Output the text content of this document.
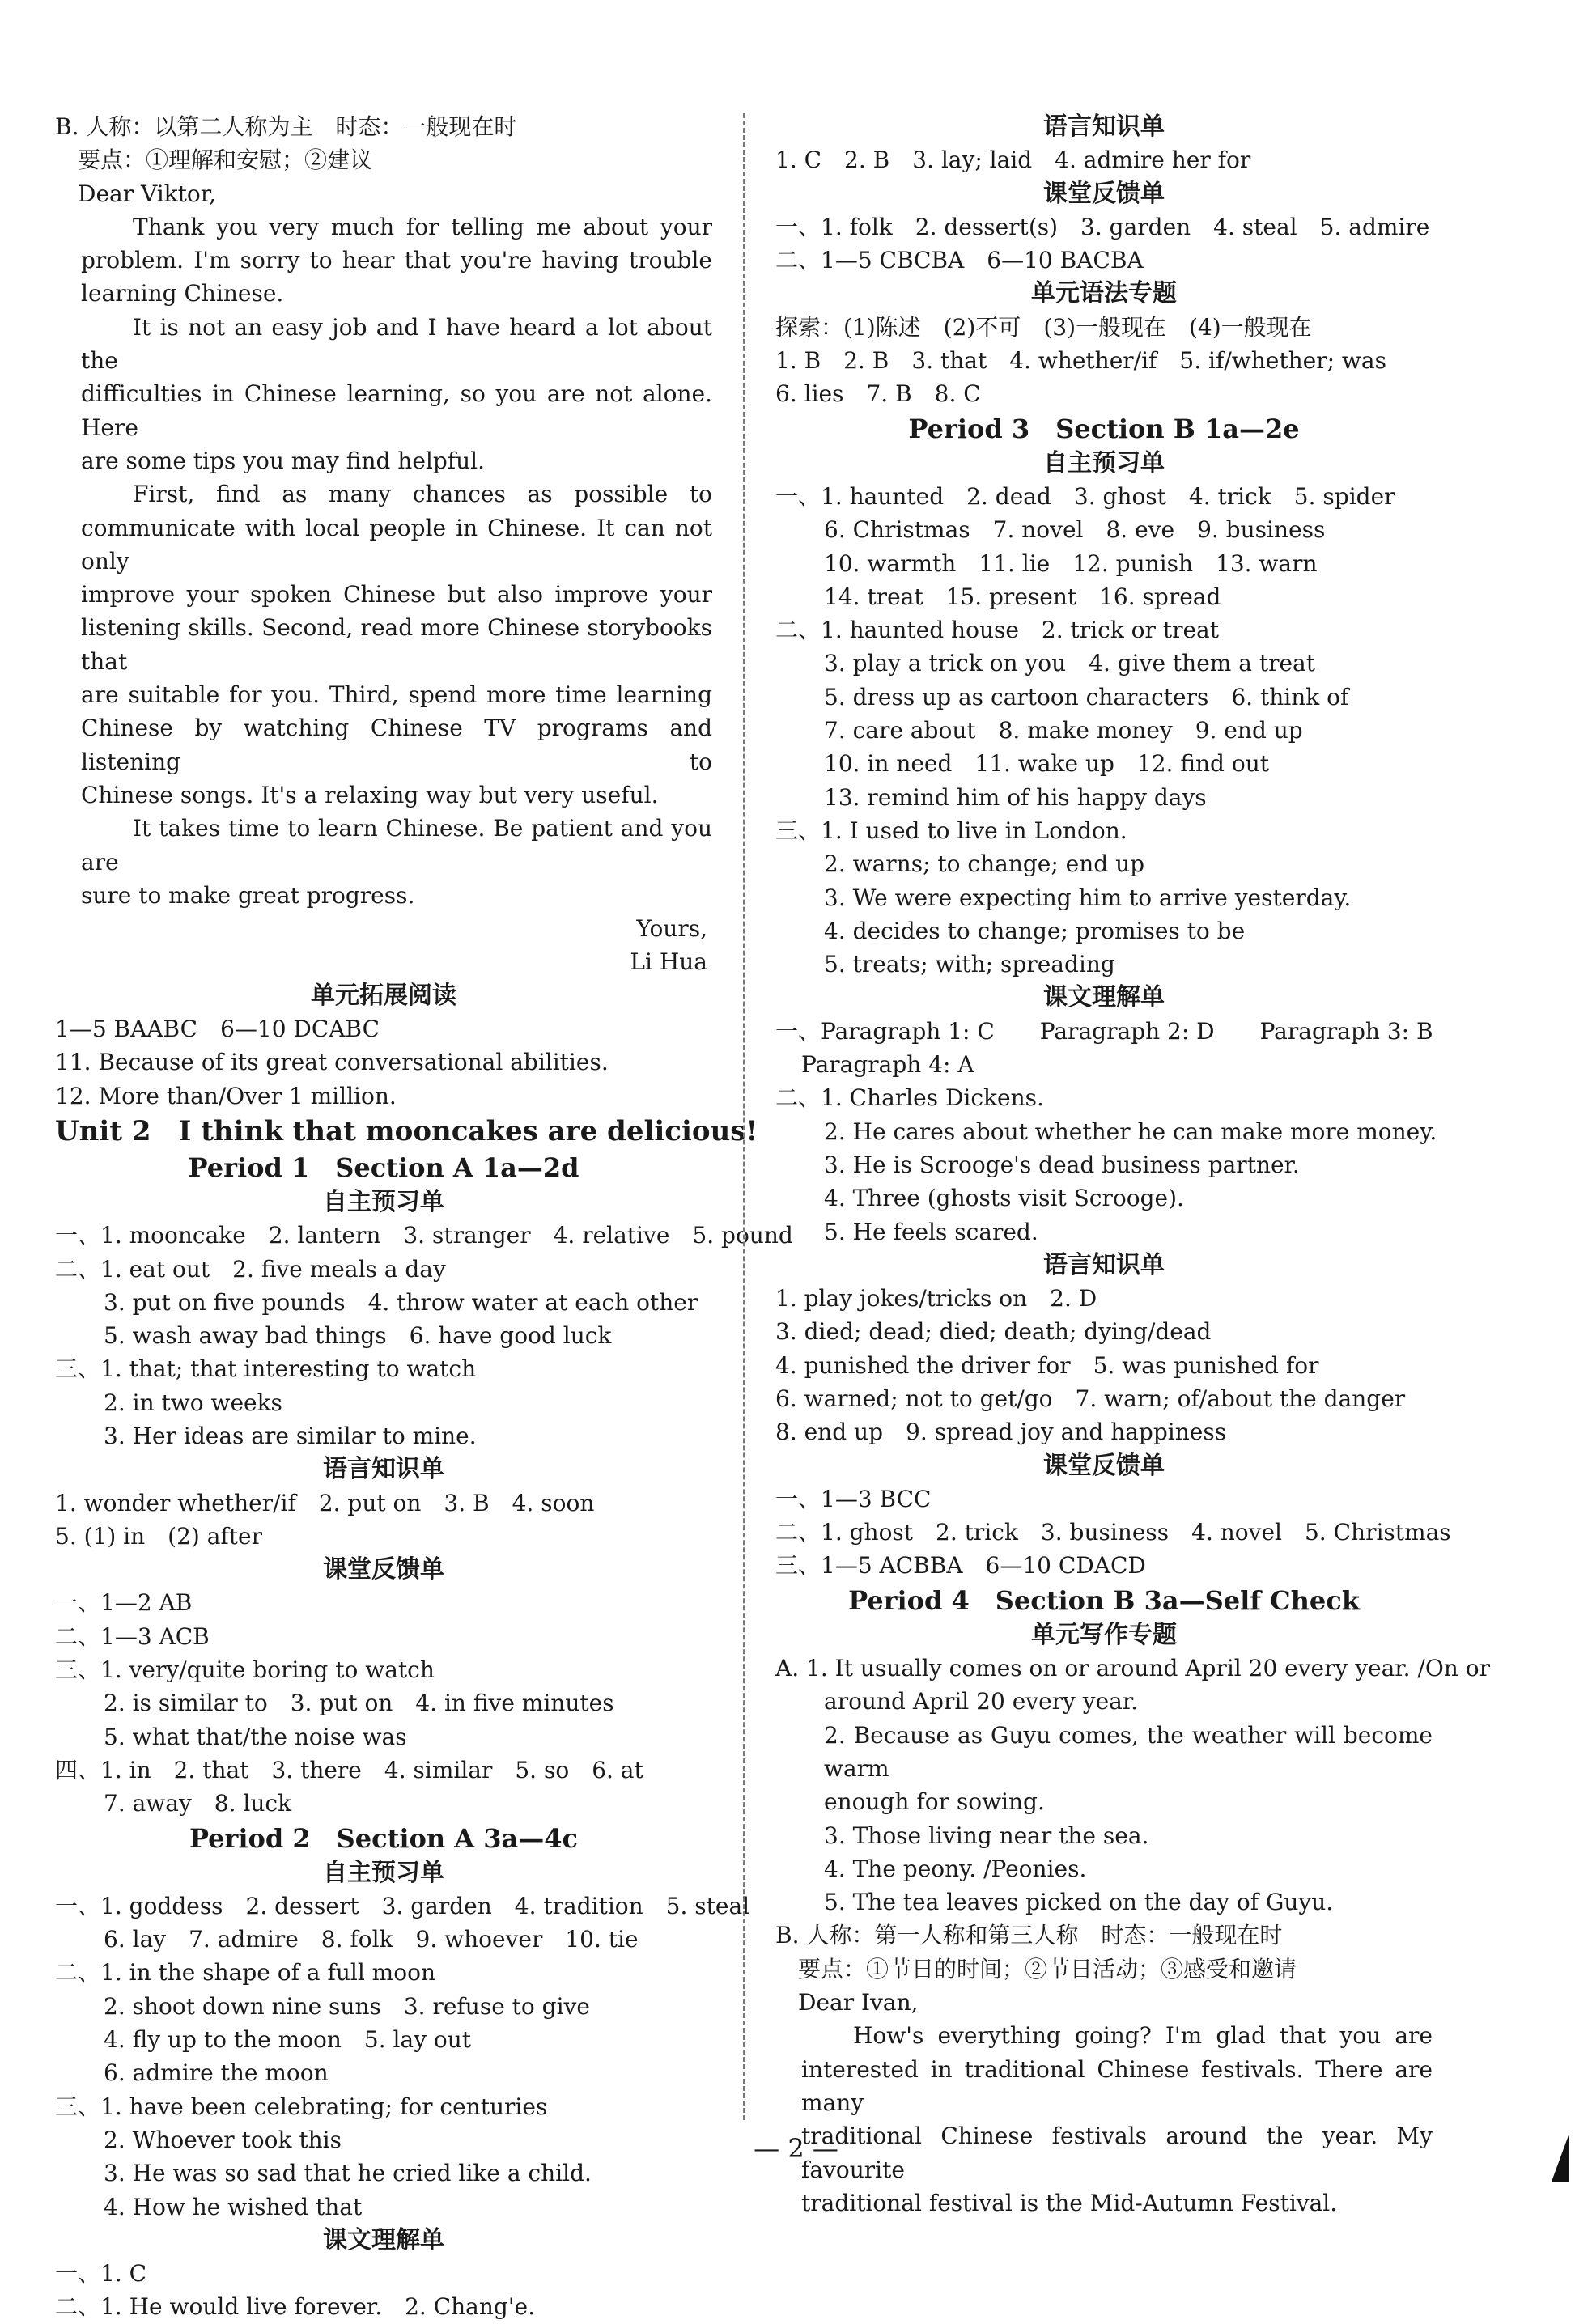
B. 人称：以第二人称为主　时态：一般现在时
　要点：①理解和安慰；②建议
　Dear Viktor,
Thank you very much for telling me about your
problem. I'm sorry to hear that you're having trouble
learning Chinese.
It is not an easy job and I have heard a lot about the
difficulties in Chinese learning, so you are not alone. Here
are some tips you may find helpful.
First, find as many chances as possible to
communicate with local people in Chinese. It can not only
improve your spoken Chinese but also improve your
listening skills. Second, read more Chinese storybooks that
are suitable for you. Third, spend more time learning
Chinese by watching Chinese TV programs and listening to
Chinese songs. It's a relaxing way but very useful.
It takes time to learn Chinese. Be patient and you are
sure to make great progress.
Yours,
Li Hua
单元拓展阅读
1—5 BAABC　6—10 DCABC
11. Because of its great conversational abilities.
12. More than/Over 1 million.
Unit 2　I think that mooncakes are delicious!
Period 1　Section A 1a—2d
自主预习单
一、1. mooncake　2. lantern　3. stranger　4. relative　5. pound
二、1. eat out　2. five meals a day
3. put on five pounds　4. throw water at each other
5. wash away bad things　6. have good luck
三、1. that; that interesting to watch
2. in two weeks
3. Her ideas are similar to mine.
语言知识单
1. wonder whether/if　2. put on　3. B　4. soon
5. (1) in　(2) after
课堂反馈单
一、1—2 AB
二、1—3 ACB
三、1. very/quite boring to watch
2. is similar to　3. put on　4. in five minutes
5. what that/the noise was
四、1. in　2. that　3. there　4. similar　5. so　6. at
7. away　8. luck
Period 2　Section A 3a—4c
自主预习单
一、1. goddess　2. dessert　3. garden　4. tradition　5. steal
6. lay　7. admire　8. folk　9. whoever　10. tie
二、1. in the shape of a full moon
2. shoot down nine suns　3. refuse to give
4. fly up to the moon　5. lay out
6. admire the moon
三、1. have been celebrating; for centuries
2. Whoever took this
3. He was so sad that he cried like a child.
4. How he wished that
课文理解单
一、1. C
二、1. He would live forever.　2. Chang'e.
语言知识单
1. C　2. B　3. lay; laid　4. admire her for
课堂反馈单
一、1. folk　2. dessert(s)　3. garden　4. steal　5. admire
二、1—5 CBCBA　6—10 BACBA
单元语法专题
探索：(1)陈述　(2)不可　(3)一般现在　(4)一般现在
1. B　2. B　3. that　4. whether/if　5. if/whether; was
6. lies　7. B　8. C
Period 3　Section B 1a—2e
自主预习单
一、1. haunted　2. dead　3. ghost　4. trick　5. spider
6. Christmas　7. novel　8. eve　9. business
10. warmth　11. lie　12. punish　13. warn
14. treat　15. present　16. spread
二、1. haunted house　2. trick or treat
3. play a trick on you　4. give them a treat
5. dress up as cartoon characters　6. think of
7. care about　8. make money　9. end up
10. in need　11. wake up　12. find out
13. remind him of his happy days
三、1. I used to live in London.
2. warns; to change; end up
3. We were expecting him to arrive yesterday.
4. decides to change; promises to be
5. treats; with; spreading
课文理解单
一、Paragraph 1: C　　Paragraph 2: D　　Paragraph 3: B
Paragraph 4: A
二、1. Charles Dickens.
2. He cares about whether he can make more money.
3. He is Scrooge's dead business partner.
4. Three (ghosts visit Scrooge).
5. He feels scared.
语言知识单
1. play jokes/tricks on　2. D
3. died; dead; died; death; dying/dead
4. punished the driver for　5. was punished for
6. warned; not to get/go　7. warn; of/about the danger
8. end up　9. spread joy and happiness
课堂反馈单
一、1—3 BCC
二、1. ghost　2. trick　3. business　4. novel　5. Christmas
三、1—5 ACBBA　6—10 CDACD
Period 4　Section B 3a—Self Check
单元写作专题
A. 1. It usually comes on or around April 20 every year. /On or
around April 20 every year.
2. Because as Guyu comes, the weather will become warm
enough for sowing.
3. Those living near the sea.
4. The peony. /Peonies.
5. The tea leaves picked on the day of Guyu.
B. 人称：第一人称和第三人称　时态：一般现在时
　要点：①节日的时间；②节日活动；③感受和邀请
　Dear Ivan,
How's everything going? I'm glad that you are
interested in traditional Chinese festivals. There are many
traditional Chinese festivals around the year. My favourite
traditional festival is the Mid-Autumn Festival.
— 2 —
